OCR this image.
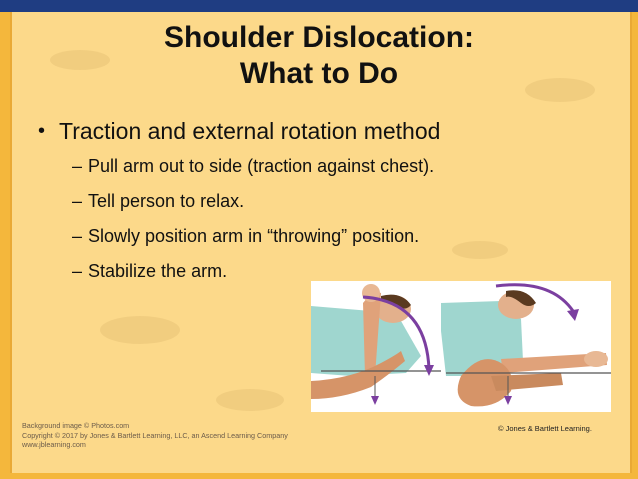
Shoulder Dislocation:
What to Do
• Traction and external rotation method
– Pull arm out to side (traction against chest).
– Tell person to relax.
– Slowly position arm in “throwing” position.
– Stabilize the arm.
© Jones & Bartlett Learning.
Background image © Photos.com
Copyright © 2017 by Jones & Bartlett Learning, LLC, an Ascend Learning Company
www.jblearning.com
